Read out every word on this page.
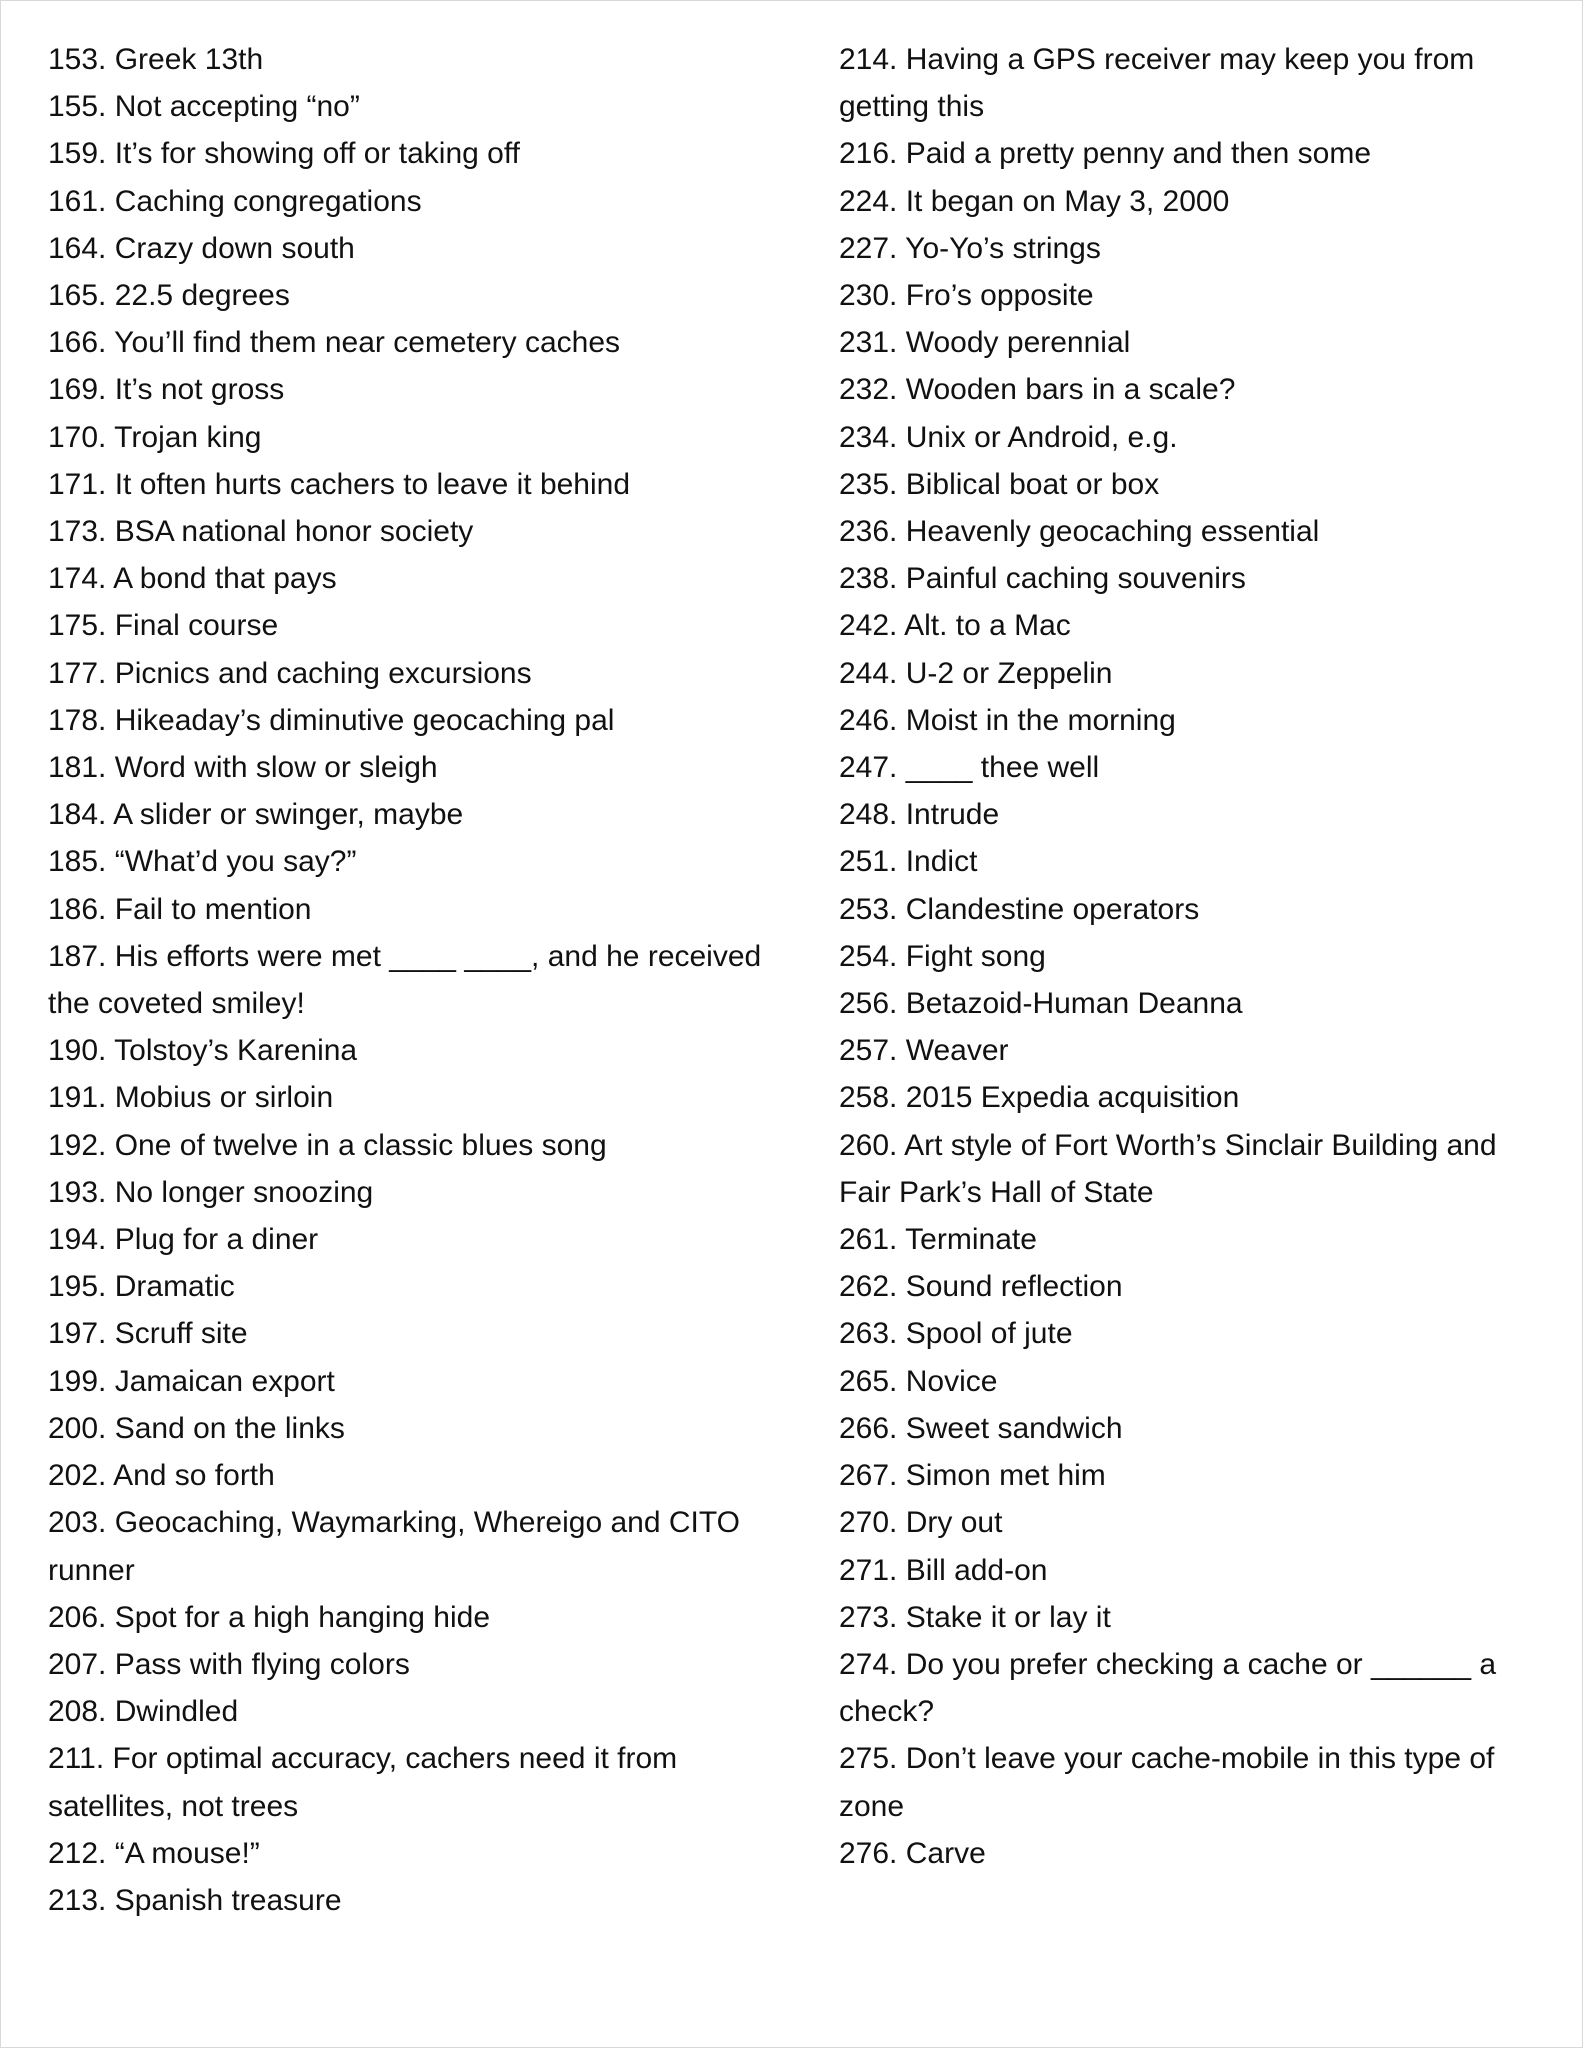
153. Greek 13th
155. Not accepting “no”
159. It’s for showing off or taking off
161. Caching congregations
164. Crazy down south
165. 22.5 degrees
166. You’ll find them near cemetery caches
169. It’s not gross
170. Trojan king
171. It often hurts cachers to leave it behind
173. BSA national honor society
174. A bond that pays
175. Final course
177. Picnics and caching excursions
178. Hikeaday’s diminutive geocaching pal
181. Word with slow or sleigh
184. A slider or swinger, maybe
185. “What’d you say?”
186. Fail to mention
187. His efforts were met ____ ____, and he received the coveted smiley!
190. Tolstoy’s Karenina
191. Mobius or sirloin
192. One of twelve in a classic blues song
193. No longer snoozing
194. Plug for a diner
195. Dramatic
197. Scruff site
199. Jamaican export
200. Sand on the links
202. And so forth
203. Geocaching, Waymarking, Whereigo and CITO runner
206. Spot for a high hanging hide
207. Pass with flying colors
208. Dwindled
211. For optimal accuracy, cachers need it from satellites, not trees
212. “A mouse!”
213. Spanish treasure
214. Having a GPS receiver may keep you from getting this
216. Paid a pretty penny and then some
224. It began on May 3, 2000
227. Yo-Yo’s strings
230. Fro’s opposite
231. Woody perennial
232. Wooden bars in a scale?
234. Unix or Android, e.g.
235. Biblical boat or box
236. Heavenly geocaching essential
238. Painful caching souvenirs
242. Alt. to a Mac
244. U-2 or Zeppelin
246. Moist in the morning
247. ____ thee well
248. Intrude
251. Indict
253. Clandestine operators
254. Fight song
256. Betazoid-Human Deanna
257. Weaver
258. 2015 Expedia acquisition
260. Art style of Fort Worth’s Sinclair Building and Fair Park’s Hall of State
261. Terminate
262. Sound reflection
263. Spool of jute
265. Novice
266. Sweet sandwich
267. Simon met him
270. Dry out
271. Bill add-on
273. Stake it or lay it
274. Do you prefer checking a cache or ______ a check?
275. Don’t leave your cache-mobile in this type of zone
276. Carve
